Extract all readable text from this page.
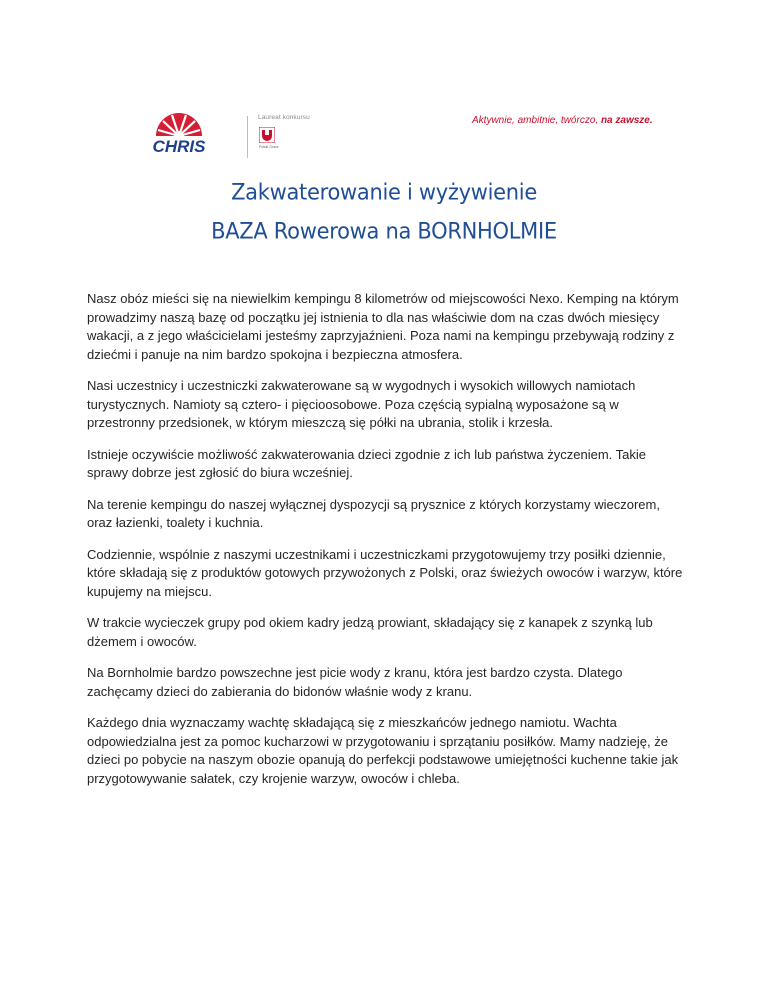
CHRIS
Laureat konkursu
Polski Gracz
Aktywnie, ambitnie, twórczo, na zawsze.
Zakwaterowanie i wyżywienie
BAZA Rowerowa na BORNHOLMIE

Nasz obóz mieści się na niewielkim kempingu 8 kilometrów od miejscowości Nexo. Kemping na którym prowadzimy naszą bazę od początku jej istnienia to dla nas właściwie dom na czas dwóch miesięcy wakacji, a z jego właścicielami jesteśmy zaprzyjaźnieni. Poza nami na kempingu przebywają rodziny z dziećmi i panuje na nim bardzo spokojna i bezpieczna atmosfera.

Nasi uczestnicy i uczestniczki zakwaterowane są w wygodnych i wysokich willowych namiotach turystycznych. Namioty są cztero- i pięcioosobowe. Poza częścią sypialną wyposażone są w przestronny przedsionek, w którym mieszczą się półki na ubrania, stolik i krzesła.

Istnieje oczywiście możliwość zakwaterowania dzieci zgodnie z ich lub państwa życzeniem. Takie sprawy dobrze jest zgłosić do biura wcześniej.

Na terenie kempingu do naszej wyłącznej dyspozycji są prysznice z których korzystamy wieczorem, oraz łazienki, toalety i kuchnia.

Codziennie, wspólnie z naszymi uczestnikami i uczestniczkami przygotowujemy trzy posiłki dziennie, które składają się z produktów gotowych przywożonych z Polski, oraz świeżych owoców i warzyw, które kupujemy na miejscu.

W trakcie wycieczek grupy pod okiem kadry jedzą prowiant, składający się z kanapek z szynką lub dżemem i owoców.

Na Bornholmie bardzo powszechne jest picie wody z kranu, która jest bardzo czysta. Dlatego zachęcamy dzieci do zabierania do bidonów właśnie wody z kranu.

Każdego dnia wyznaczamy wachtę składającą się z mieszkańców jednego namiotu. Wachta odpowiedzialna jest za pomoc kucharzowi w przygotowaniu i sprzątaniu posiłków. Mamy nadzieję, że dzieci po pobycie na naszym obozie opanują do perfekcji podstawowe umiejętności kuchenne takie jak przygotowywanie sałatek, czy krojenie warzyw, owoców i chleba.
